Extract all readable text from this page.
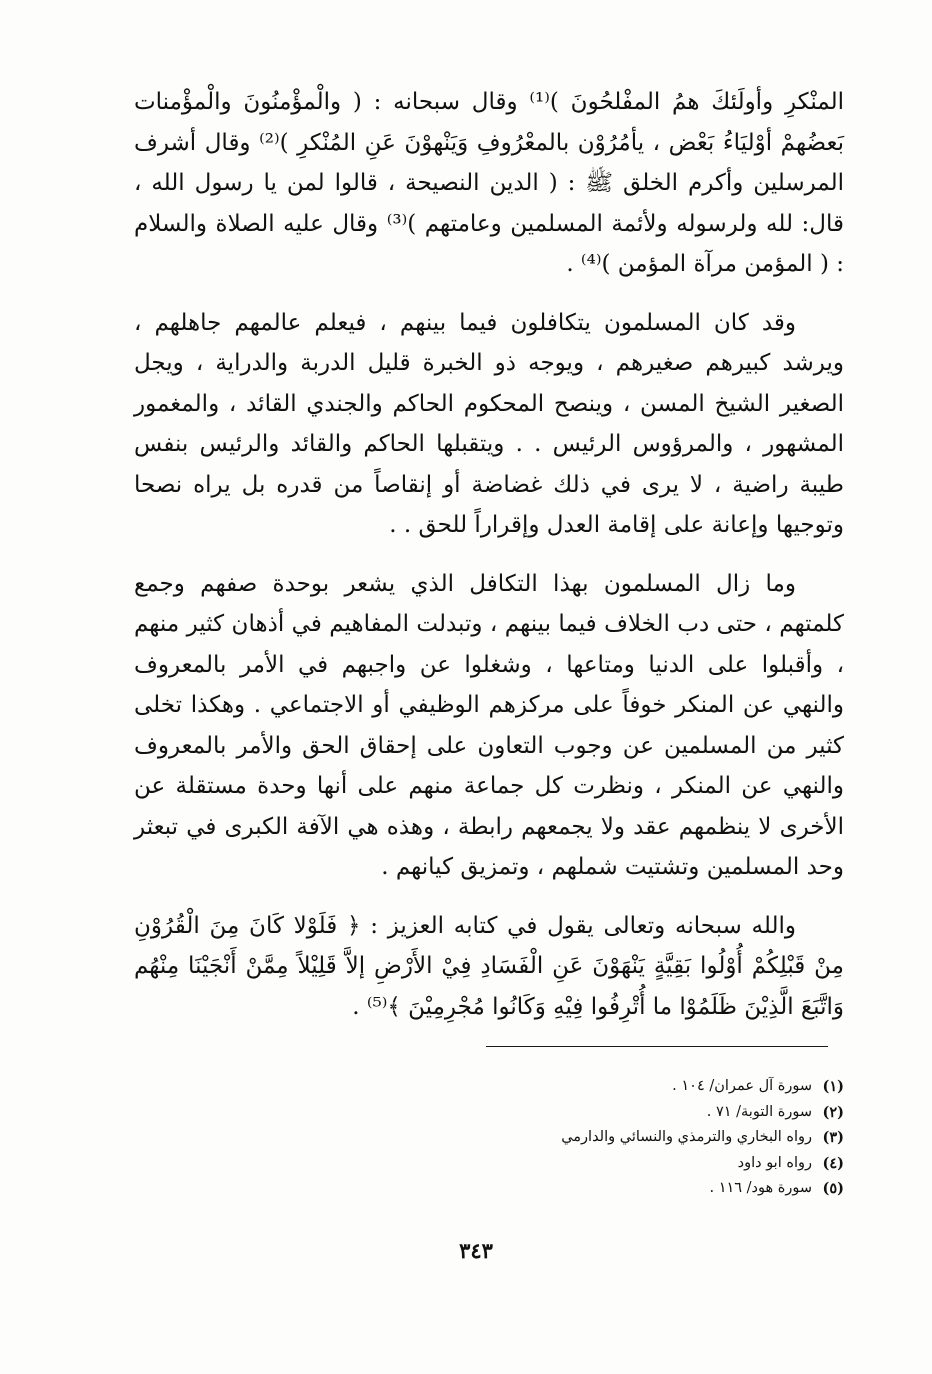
المنْكرِ وأولَئكَ همُ المفْلحُونَ )⁽¹⁾ وقال سبحانه : ( والْمؤْمنُونَ والْمؤْمنات بَعضُهمْ أوْليَاءُ بَعْض ، يأمُرُوْن بالمعْرُوفِ وَيَنْهوْنَ عَنِ المُنْكرِ )⁽²⁾ وقال أشرف المرسلين وأكرم الخلق ﷺ : ( الدين النصيحة ، قالوا لمن يا رسول الله ، قال: لله ولرسوله ولأئمة المسلمين وعامتهم )⁽³⁾ وقال عليه الصلاة والسلام : ( المؤمن مرآة المؤمن )⁽⁴⁾ .

وقد كان المسلمون يتكافلون فيما بينهم ، فيعلم عالمهم جاهلهم ، ويرشد كبيرهم صغيرهم ، ويوجه ذو الخبرة قليل الدربة والدراية ، ويجل الصغير الشيخ المسن ، وينصح المحكوم الحاكم والجندي القائد ، والمغمور المشهور ، والمرؤوس الرئيس . . ويتقبلها الحاكم والقائد والرئيس بنفس طيبة راضية ، لا يرى في ذلك غضاضة أو إنقاصاً من قدره بل يراه نصحا وتوجيها وإعانة على إقامة العدل وإقراراً للحق . .

وما زال المسلمون بهذا التكافل الذي يشعر بوحدة صفهم وجمع كلمتهم ، حتى دب الخلاف فيما بينهم ، وتبدلت المفاهيم في أذهان كثير منهم ، وأقبلوا على الدنيا ومتاعها ، وشغلوا عن واجبهم في الأمر بالمعروف والنهي عن المنكر خوفاً على مركزهم الوظيفي أو الاجتماعي . وهكذا تخلى كثير من المسلمين عن وجوب التعاون على إحقاق الحق والأمر بالمعروف والنهي عن المنكر ، ونظرت كل جماعة منهم على أنها وحدة مستقلة عن الأخرى لا ينظمهم عقد ولا يجمعهم رابطة ، وهذه هي الآفة الكبرى في تبعثر وحد المسلمين وتشتيت شملهم ، وتمزيق كيانهم .

والله سبحانه وتعالى يقول في كتابه العزيز : ﴿ فَلَوْلا كَانَ مِنَ الْقُرُوْنِ مِنْ قَبْلِكُمْ أُوْلُوا بَقِيَّةٍ يَنْهَوْنَ عَنِ الْفَسَادِ فِيْ الأَرْضِ إلاَّ قَلِيْلاً مِمَّنْ أَنْجَيْنَا مِنْهُم وَاتَّبَعَ الَّذِيْنَ ظَلَمُوْا ما أُتْرِفُوا فِيْهِ وَكَانُوا مُجْرِمِيْنَ ﴾⁽⁵⁾ .

(١)
سورة آل عمران/ ١٠٤ .
(٢)
سورة التوبة/ ٧١ .
(٣)
رواه البخاري والترمذي والنسائي والدارمي
(٤)
رواه ابو داود
(٥)
سورة هود/ ١١٦ .
٣٤٣
